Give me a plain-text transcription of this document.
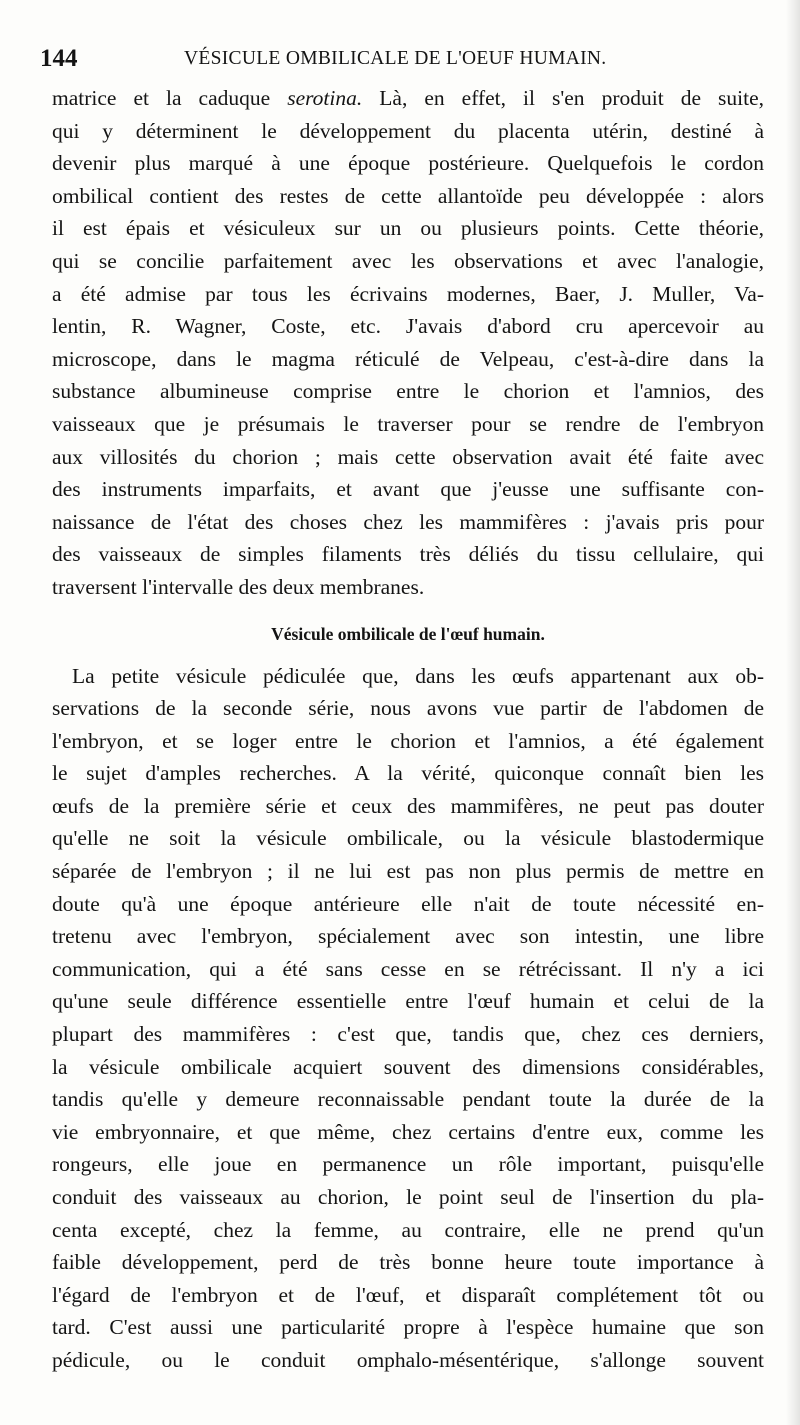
144	VÉSICULE OMBILICALE DE L'OEUF HUMAIN.
matrice et la caduque serotina. Là, en effet, il s'en produit de suite,
qui y déterminent le développement du placenta utérin, destiné à
devenir plus marqué à une époque postérieure. Quelquefois le cordon
ombilical contient des restes de cette allantoïde peu développée : alors
il est épais et vésiculeux sur un ou plusieurs points. Cette théorie,
qui se concilie parfaitement avec les observations et avec l'analogie,
a été admise par tous les écrivains modernes, Baer, J. Muller, Va-
lentin, R. Wagner, Coste, etc. J'avais d'abord cru apercevoir au
microscope, dans le magma réticulé de Velpeau, c'est-à-dire dans la
substance albumineuse comprise entre le chorion et l'amnios, des
vaisseaux que je présumais le traverser pour se rendre de l'embryon
aux villosités du chorion ; mais cette observation avait été faite avec
des instruments imparfaits, et avant que j'eusse une suffisante con-
naissance de l'état des choses chez les mammifères : j'avais pris pour
des vaisseaux de simples filaments très déliés du tissu cellulaire, qui
traversent l'intervalle des deux membranes.
Vésicule ombilicale de l'œuf humain.
La petite vésicule pédiculée que, dans les œufs appartenant aux ob-
servations de la seconde série, nous avons vue partir de l'abdomen de
l'embryon, et se loger entre le chorion et l'amnios, a été également
le sujet d'amples recherches. A la vérité, quiconque connaît bien les
œufs de la première série et ceux des mammifères, ne peut pas douter
qu'elle ne soit la vésicule ombilicale, ou la vésicule blastodermique
séparée de l'embryon ; il ne lui est pas non plus permis de mettre en
doute qu'à une époque antérieure elle n'ait de toute nécessité en-
tretenu avec l'embryon, spécialement avec son intestin, une libre
communication, qui a été sans cesse en se rétrécissant. Il n'y a ici
qu'une seule différence essentielle entre l'œuf humain et celui de la
plupart des mammifères : c'est que, tandis que, chez ces derniers,
la vésicule ombilicale acquiert souvent des dimensions considérables,
tandis qu'elle y demeure reconnaissable pendant toute la durée de la
vie embryonnaire, et que même, chez certains d'entre eux, comme les
rongeurs, elle joue en permanence un rôle important, puisqu'elle
conduit des vaisseaux au chorion, le point seul de l'insertion du pla-
centa excepté, chez la femme, au contraire, elle ne prend qu'un
faible développement, perd de très bonne heure toute importance à
l'égard de l'embryon et de l'œuf, et disparaît complétement tôt ou
tard. C'est aussi une particularité propre à l'espèce humaine que son
pédicule, ou le conduit omphalo-mésentérique, s'allonge souvent
